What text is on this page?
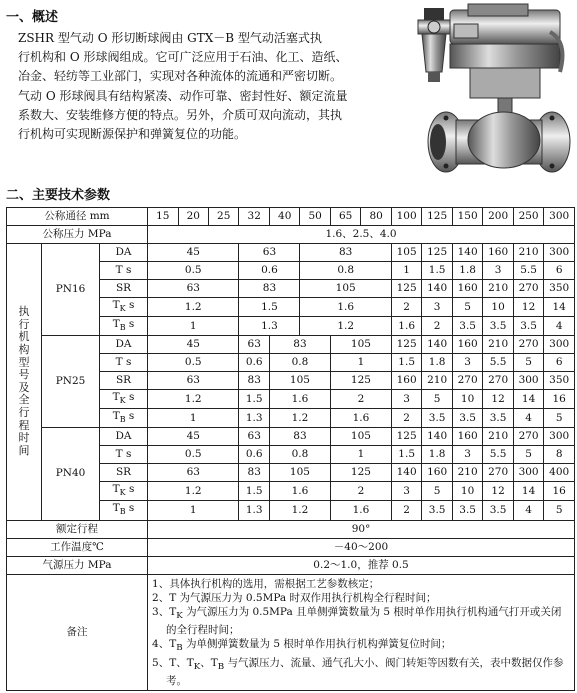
一、概述
ZSHR 型气动 O 形切断球阀由 GTX－B 型气动活塞式执
行机构和 O 形球阀组成。它可广泛应用于石油、化工、造纸、
冶金、轻纺等工业部门，实现对各种流体的流通和严密切断。
气动 O 形球阀具有结构紧凑、动作可靠、密封性好、额定流量
系数大、安装维修方便的特点。另外，介质可双向流动，其执
行机构可实现断源保护和弹簧复位的功能。
二、主要技术参数
公称通径 mm			15	20	25	32	40	50	65	80	100	125	150	200	250	300
公称压力 MPa			1.6、2.5、4.0													

执行机构型号及全行程时间	PN16	DA	45			63		83			105	125	140	160	210	300
		T s	0.5			0.6		0.8			1	1.5	1.8	3	5.5	6
		SR	63			83		105			125	140	160	210	270	350
		$T_K$ s	1.2			1.5		1.6			2	3	5	10	12	14
		$T_B$ s	1			1.3		1.2			1.6	2	3.5	3.5	3.5	4
	PN25	DA	45			63	83		105		125	140	160	210	270	300
		T s	0.5			0.6	0.8		1		1.5	1.8	3	5.5	5	6
		SR	63			83	105		125		160	210	270	270	300	350
		$T_K$ s	1.2			1.5	1.6		2		3	5	10	12	14	16
		$T_B$ s	1			1.3	1.2		1.6		2	3.5	3.5	3.5	4	5
	PN40	DA	45			63	83		105		125	140	160	210	270	300
		T s	0.5			0.6	0.8		1		1.5	1.8	3	5.5	5	8
		SR	63			83	105		125		140	160	210	270	300	400
		$T_K$ s	1.2			1.5	1.6		2		3	5	10	12	14	16
		$T_B$ s	1			1.3	1.2		1.6		2	3.5	3.5	3.5	4	5
额定行程			90°													
工作温度℃			－40～200													
气源压力 MPa			0.2～1.0，推荐 0.5													
备注			1、具体执行机构的选用，需根据工艺参数核定；
2、T 为气源压力为 0.5MPa 时双作用执行机构全行程时间；
3、$T_K$ 为气源压力为 0.5MPa 且单侧弹簧数量为 5 根时单作用执行机构通气打开或关闭的全行程时间；
4、$T_B$ 为单侧弹簧数量为 5 根时单作用执行机构弹簧复位时间；
5、T、$T_K$、$T_B$ 与气源压力、流量、通气孔大小、阀门转矩等因数有关，表中数据仅作参考。													
